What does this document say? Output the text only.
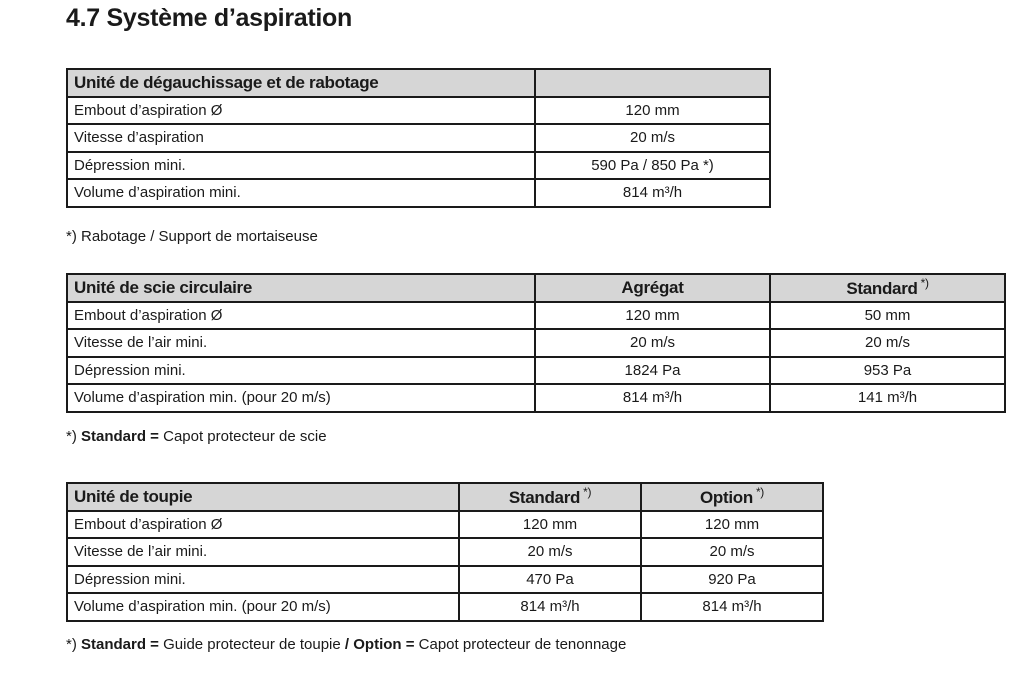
4.7 Système d’aspiration
Unité de dégauchissage et de rabotage	
Embout d’aspiration Ø	120 mm
Vitesse d’aspiration	20 m/s
Dépression mini.	590 Pa / 850 Pa *)
Volume d’aspiration mini.	814 m³/h
*) Rabotage / Support de mortaiseuse
Unité de scie circulaire	Agrégat	Standard *)
Embout d’aspiration Ø	120 mm	50 mm
Vitesse de l’air mini.	20 m/s	20 m/s
Dépression mini.	1824 Pa	953 Pa
Volume d’aspiration min. (pour 20 m/s)	814 m³/h	141 m³/h
*) Standard = Capot protecteur de scie
Unité de toupie	Standard *)	Option *)
Embout d’aspiration Ø	120 mm	120 mm
Vitesse de l’air mini.	20 m/s	20 m/s
Dépression mini.	470 Pa	920 Pa
Volume d’aspiration min. (pour 20 m/s)	814 m³/h	814 m³/h
*) Standard = Guide protecteur de toupie / Option = Capot protecteur de tenonnage
